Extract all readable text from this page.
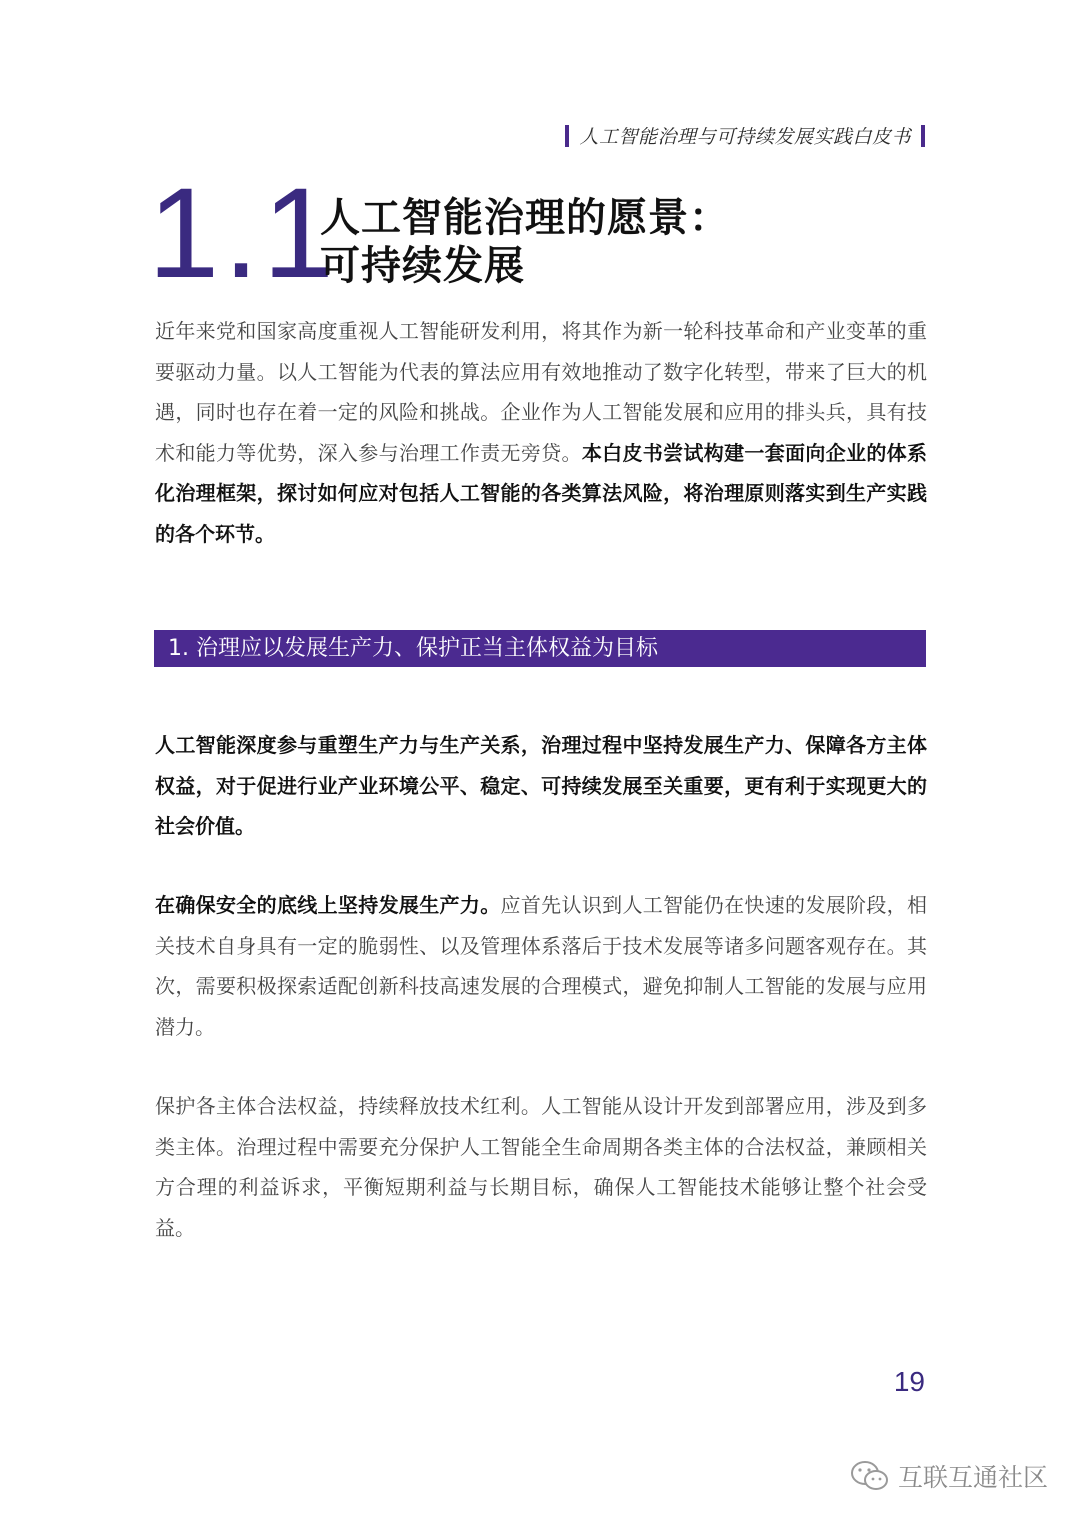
人工智能治理与可持续发展实践白皮书
1.1
人工智能治理的愿景：
可持续发展

近年来党和国家高度重视人工智能研发利用，将其作为新一轮科技革命和产业变革的重要驱动力量。以人工智能为代表的算法应用有效地推动了数字化转型，带来了巨大的机遇，同时也存在着一定的风险和挑战。企业作为人工智能发展和应用的排头兵，具有技术和能力等优势，深入参与治理工作责无旁贷。本白皮书尝试构建一套面向企业的体系化治理框架，探讨如何应对包括人工智能的各类算法风险，将治理原则落实到生产实践的各个环节。

1. 治理应以发展生产力、保护正当主体权益为目标

人工智能深度参与重塑生产力与生产关系，治理过程中坚持发展生产力、保障各方主体权益，对于促进行业产业环境公平、稳定、可持续发展至关重要，更有利于实现更大的社会价值。

在确保安全的底线上坚持发展生产力。应首先认识到人工智能仍在快速的发展阶段，相关技术自身具有一定的脆弱性、以及管理体系落后于技术发展等诸多问题客观存在。其次，需要积极探索适配创新科技高速发展的合理模式，避免抑制人工智能的发展与应用潜力。

保护各主体合法权益，持续释放技术红利。人工智能从设计开发到部署应用，涉及到多类主体。治理过程中需要充分保护人工智能全生命周期各类主体的合法权益，兼顾相关方合理的利益诉求，平衡短期利益与长期目标，确保人工智能技术能够让整个社会受益。

19
互联互通社区
